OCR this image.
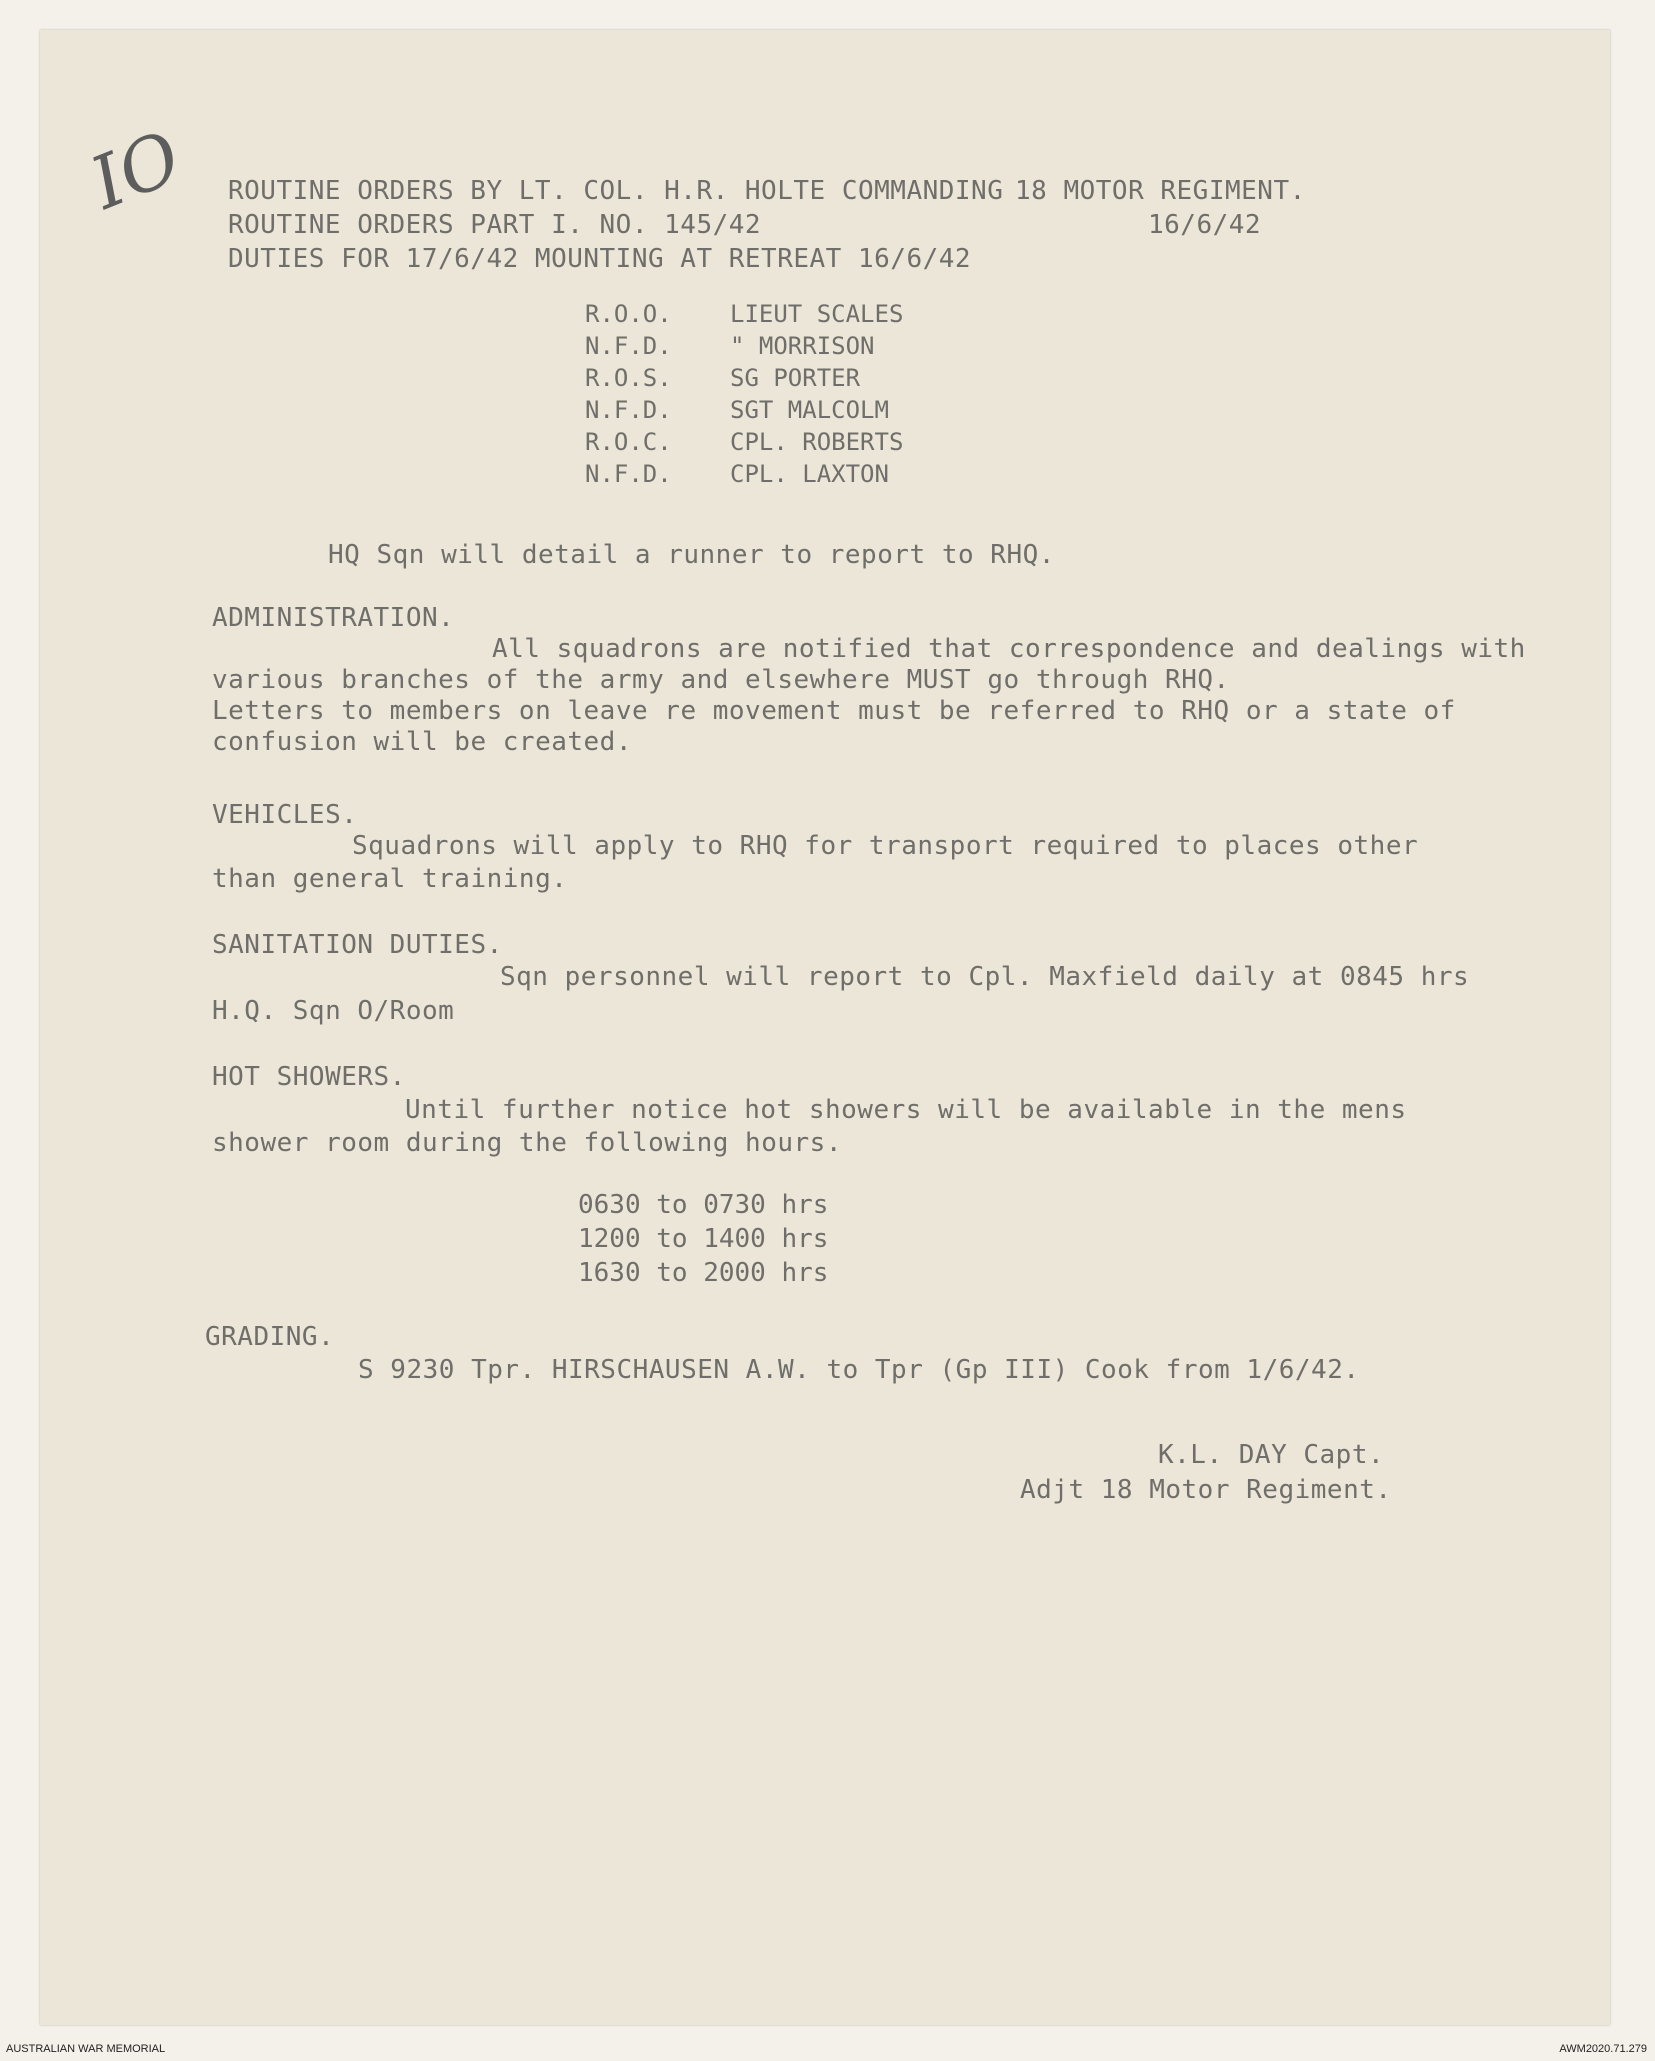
IO ROUTINE ORDERS BY LT. COL. H.R. HOLTE COMMANDING 18 MOTOR REGIMENT.
ROUTINE ORDERS PART I. NO. 145/42	16/6/42
DUTIES FOR 17/6/42 MOUNTING AT RETREAT 16/6/42
R.O.O. LIEUT SCALES
N.F.D. " MORRISON
R.O.S. SG PORTER
N.F.D. SGT MALCOLM
R.O.C. CPL. ROBERTS
N.F.D. CPL. LAXTON
HQ Sqn will detail a runner to report to RHQ.
ADMINISTRATION.
All squadrons are notified that correspondence and dealings with
various branches of the army and elsewhere MUST go through RHQ.
Letters to members on leave re movement must be referred to RHQ or a state of
confusion will be created.
VEHICLES.
Squadrons will apply to RHQ for transport required to places other
than general training.
SANITATION DUTIES.
Sqn personnel will report to Cpl. Maxfield daily at 0845 hrs
H.Q. Sqn O/Room
HOT SHOWERS.
Until further notice hot showers will be available in the mens
shower room during the following hours.
0630 to 0730 hrs
1200 to 1400 hrs
1630 to 2000 hrs
GRADING.
S 9230 Tpr. HIRSCHAUSEN A.W. to Tpr (Gp III) Cook from 1/6/42.
K.L. DAY Capt.
Adjt 18 Motor Regiment.
AUSTRALIAN WAR MEMORIAL	AWM2020.71.279
